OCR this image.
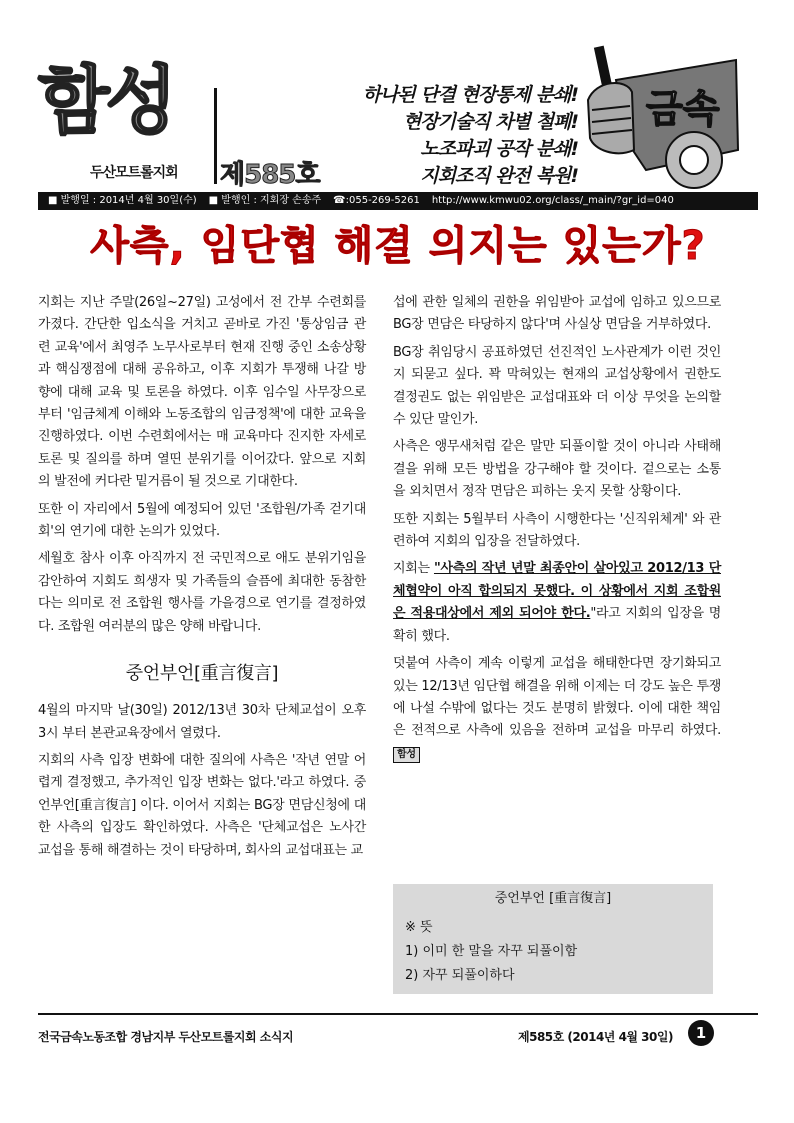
함성
두산모트롤지회 제585호
하나된 단결 현장통제 분쇄!
현장기술직 차별 철폐!
노조파괴 공작 분쇄!
지회조직 완전 복원!
금속
■ 발행일 : 2014년 4월 30일(수) ■ 발행인 : 지회장 손송주 ☎:055-269-5261 http://www.kmwu02.org/class/_main/?gr_id=040
사측, 임단협 해결 의지는 있는가?

지회는 지난 주말(26일~27일) 고성에서 전 간부 수련회를 가졌다. 간단한 입소식을 거치고 곧바로 가진 '통상임금 관련 교육'에서 최영주 노무사로부터 현재 진행 중인 소송상황과 핵심쟁점에 대해 공유하고, 이후 지회가 투쟁해 나갈 방향에 대해 교육 및 토론을 하였다. 이후 임수일 사무장으로부터 '임금체계 이해와 노동조합의 임금정책'에 대한 교육을 진행하였다. 이번 수련회에서는 매 교육마다 진지한 자세로 토론 및 질의를 하며 열띤 분위기를 이어갔다. 앞으로 지회의 발전에 커다란 밑거름이 될 것으로 기대한다.

또한 이 자리에서 5월에 예정되어 있던 '조합원/가족 걷기대회'의 연기에 대한 논의가 있었다.

세월호 참사 이후 아직까지 전 국민적으로 애도 분위기임을 감안하여 지회도 희생자 및 가족들의 슬픔에 최대한 동참한다는 의미로 전 조합원 행사를 가을경으로 연기를 결정하였다. 조합원 여러분의 많은 양해 바랍니다.

중언부언[重言復言]

4월의 마지막 날(30일) 2012/13년 30차 단체교섭이 오후 3시 부터 본관교육장에서 열렸다.

지회의 사측 입장 변화에 대한 질의에 사측은 '작년 연말 어렵게 결정했고, 추가적인 입장 변화는 없다.'라고 하였다. 중언부언[重言復言] 이다. 이어서 지회는 BG장 면담신청에 대한 사측의 입장도 확인하였다. 사측은 '단체교섭은 노사간 교섭을 통해 해결하는 것이 타당하며, 회사의 교섭대표는 교

섭에 관한 일체의 권한을 위임받아 교섭에 임하고 있으므로 BG장 면담은 타당하지 않다'며 사실상 면담을 거부하였다.

BG장 취임당시 공표하였던 선진적인 노사관계가 이런 것인지 되묻고 싶다. 꽉 막혀있는 현재의 교섭상황에서 권한도 결정권도 없는 위임받은 교섭대표와 더 이상 무엇을 논의할 수 있단 말인가.

사측은 앵무새처럼 같은 말만 되풀이할 것이 아니라 사태해결을 위해 모든 방법을 강구해야 할 것이다. 겉으로는 소통을 외치면서 정작 면담은 피하는 웃지 못할 상황이다.

또한 지회는 5월부터 사측이 시행한다는 '신직위체계' 와 관련하여 지회의 입장을 전달하였다.

지회는 "사측의 작년 년말 최종안이 살아있고 2012/13 단체협약이 아직 합의되지 못했다. 이 상황에서 지회 조합원은 적용대상에서 제외 되어야 한다."라고 지회의 입장을 명확히 했다.

덧붙여 사측이 계속 이렇게 교섭을 해태한다면 장기화되고 있는 12/13년 임단협 해결을 위해 이제는 더 강도 높은 투쟁에 나설 수밖에 없다는 것도 분명히 밝혔다. 이에 대한 책임은 전적으로 사측에 있음을 전하며 교섭을 마무리 하였다. 함성

중언부언 [重言復言]
※ 뜻
1) 이미 한 말을 자꾸 되풀이함
2) 자꾸 되풀이하다
전국금속노동조합 경남지부 두산모트롤지회 소식지	제585호 (2014년 4월 30일)	1
